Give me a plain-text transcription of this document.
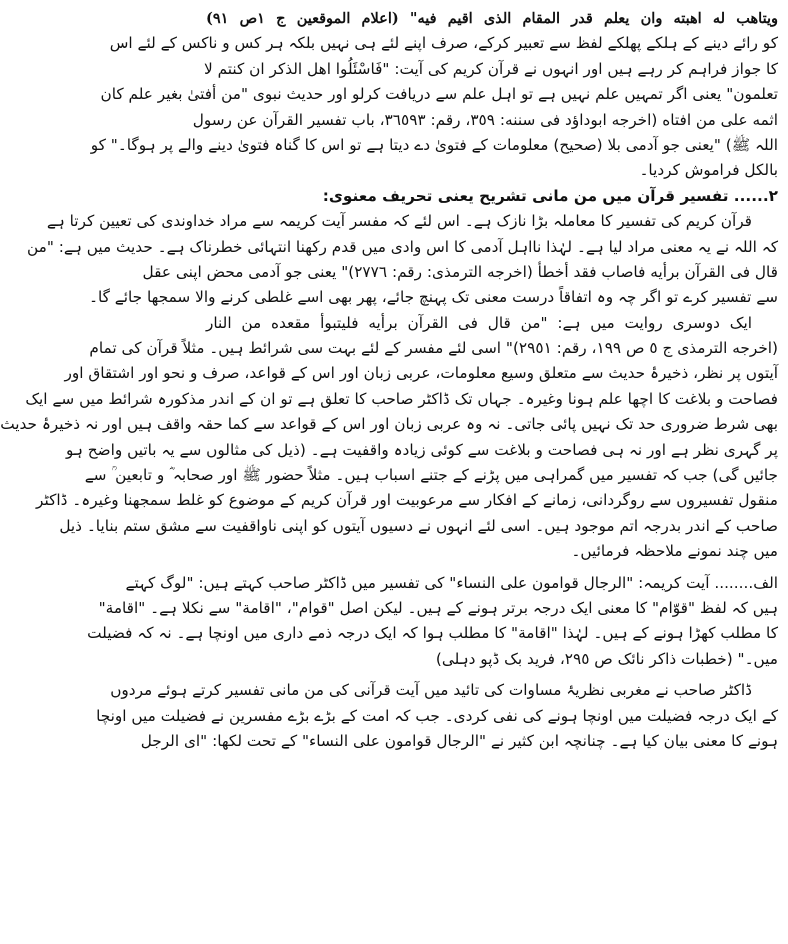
ويتاهب له اهبته وان يعلم قدر المقام الذى اقيم فيه" (اعلام الموقعين ج ١ص ٩١)
کو رائے دینے کے ہلکے پھلکے لفظ سے تعبیر کرکے، صرف اپنے لئے ہی نہیں بلکہ ہر کس و ناکس کے لئے اس
کا جواز فراہم کر رہے ہیں اور انہوں نے قرآن کریم کی آیت: "فَاسْئَلُوا اهل الذكر ان كنتم لا
تعلمون" یعنی اگر تمہیں علم نہیں ہے تو اہل علم سے دریافت کرلو اور حدیث نبوی "من أفتىٰ بغير علم كان
اثمه على من افتاه (اخرجه ابوداؤد فى سننه: ٣٥٩، رقم: ٣٦٥٩٣، باب تفسير القرآن عن رسول
اللہ ﷺ) "یعنی جو آدمی بلا (صحیح) معلومات کے فتویٰ دے دیتا ہے تو اس کا گناہ فتویٰ دینے والے پر ہوگا۔" کو
بالکل فراموش کردیا۔
٢...... تفسیر قرآن میں من مانی تشریح یعنی تحریف معنوی:
قرآن کریم کی تفسیر کا معاملہ بڑا نازک ہے۔ اس لئے کہ مفسر آیت کریمہ سے مراد خداوندی کی تعیین کرتا ہے
کہ اللہ نے یہ معنی مراد لیا ہے۔ لہٰذا نااہل آدمی کا اس وادی میں قدم رکھنا انتہائی خطرناک ہے۔ حدیث میں ہے: "من
قال فى القرآن برأيه فاصاب فقد أخطأ (اخرجه الترمذى: رقم: ٢٧٧٦)" یعنی جو آدمی محض اپنی عقل
سے تفسیر کرے تو اگر چہ وہ اتفاقاً درست معنی تک پہنچ جائے، پھر بھی اسے غلطی کرنے والا سمجھا جائے گا۔
ایک دوسری روایت میں ہے: "من قال فى القرآن برأيه فليتبوأ مقعده من النار
(اخرجه الترمذى ج ٥ ص ١٩٩، رقم: ٢٩٥١)" اسی لئے مفسر کے لئے بہت سی شرائط ہیں۔ مثلاً قرآن کی تمام
آیتوں پر نظر، ذخیرۂ حدیث سے متعلق وسیع معلومات، عربی زبان اور اس کے قواعد، صرف و نحو اور اشتقاق اور
فصاحت و بلاغت کا اچھا علم ہونا وغیرہ۔ جہاں تک ڈاکٹر صاحب کا تعلق ہے تو ان کے اندر مذکورہ شرائط میں سے ایک
بھی شرط ضروری حد تک نہیں پائی جاتی۔ نہ وہ عربی زبان اور اس کے قواعد سے کما حقہ واقف ہیں اور نہ ذخیرۂ حدیث
پر گہری نظر ہے اور نہ ہی فصاحت و بلاغت سے کوئی زیادہ واقفیت ہے۔ (ذیل کی مثالوں سے یہ باتیں واضح ہو
جائیں گی) جب کہ تفسیر میں گمراہی میں پڑنے کے جتنے اسباب ہیں۔ مثلاً حضور ﷺ اور صحابہ ؓ و تابعین ؒ سے
منقول تفسیروں سے روگردانی، زمانے کے افکار سے مرعوبیت اور قرآن کریم کے موضوع کو غلط سمجھنا وغیرہ۔ ڈاکٹر
صاحب کے اندر بدرجہ اتم موجود ہیں۔ اسی لئے انہوں نے دسیوں آیتوں کو اپنی ناواقفیت سے مشق ستم بنایا۔ ذیل
میں چند نمونے ملاحظہ فرمائیں۔
الف........ آیت کریمہ: "الرجال قوامون على النساء" کی تفسیر میں ڈاکٹر صاحب کہتے ہیں: "لوگ کہتے
ہیں کہ لفظ "قوّام" کا معنی ایک درجہ برتر ہونے کے ہیں۔ لیکن اصل "قوام"، "اقامة" سے نکلا ہے۔ "اقامة"
کا مطلب کھڑا ہونے کے ہیں۔ لہٰذا "اقامة" کا مطلب ہوا کہ ایک درجہ ذمے داری میں اونچا ہے۔ نہ کہ فضیلت
میں۔" (خطبات ذاکر نائک ص ٢٩٥، فرید بک ڈپو دہلی)
ڈاکٹر صاحب نے مغربی نظریۂ مساوات کی تائید میں آیت قرآنی کی من مانی تفسیر کرتے ہوئے مردوں
کے ایک درجہ فضیلت میں اونچا ہونے کی نفی کردی۔ جب کہ امت کے بڑے بڑے مفسرین نے فضیلت میں اونچا
ہونے کا معنی بیان کیا ہے۔ چنانچہ ابن کثیر نے "الرجال قوامون على النساء" کے تحت لکھا: "اى الرجل
